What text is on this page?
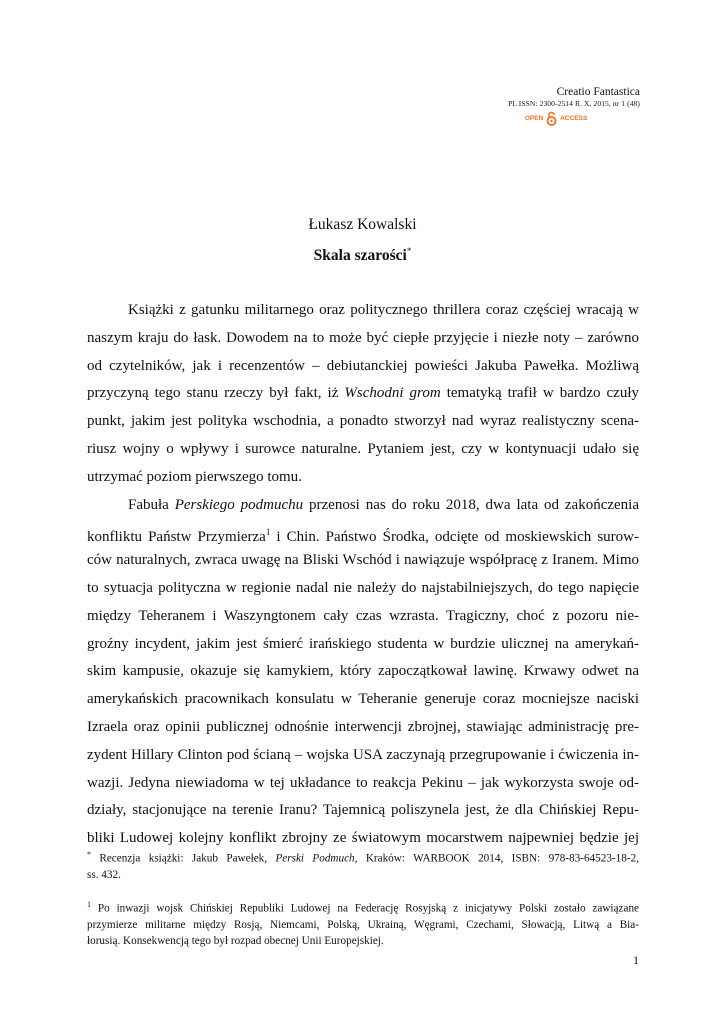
Creatio Fantastica
PL ISSN: 2300-2514 R. X, 2015, nr 1 (48)
OPEN	ACCESS
Łukasz Kowalski
Skala szarości*
Książki z gatunku militarnego oraz politycznego thrillera coraz częściej wracają w
naszym kraju do łask. Dowodem na to może być ciepłe przyjęcie i niezłe noty – zarówno
od czytelników, jak i recenzentów – debiutanckiej powieści Jakuba Pawełka. Możliwą
przyczyną tego stanu rzeczy był fakt, iż Wschodni grom tematyką trafił w bardzo czuły
punkt, jakim jest polityka wschodnia, a ponadto stworzył nad wyraz realistyczny scena-
riusz wojny o wpływy i surowce naturalne. Pytaniem jest, czy w kontynuacji udało się
utrzymać poziom pierwszego tomu.
Fabuła Perskiego podmuchu przenosi nas do roku 2018, dwa lata od zakończenia
konfliktu Państw Przymierza$^1$ i Chin. Państwo Środka, odcięte od moskiewskich surow-
ców naturalnych, zwraca uwagę na Bliski Wschód i nawiązuje współpracę z Iranem. Mimo
to sytuacja polityczna w regionie nadal nie należy do najstabilniejszych, do tego napięcie
między Teheranem i Waszyngtonem cały czas wzrasta. Tragiczny, choć z pozoru nie-
groźny incydent, jakim jest śmierć irańskiego studenta w burdzie ulicznej na amerykań-
skim kampusie, okazuje się kamykiem, który zapoczątkował lawinę. Krwawy odwet na
amerykańskich pracownikach konsulatu w Teheranie generuje coraz mocniejsze naciski
Izraela oraz opinii publicznej odnośnie interwencji zbrojnej, stawiając administrację pre-
zydent Hillary Clinton pod ścianą – wojska USA zaczynają przegrupowanie i ćwiczenia in-
wazji. Jedyna niewiadoma w tej układance to reakcja Pekinu – jak wykorzysta swoje od-
działy, stacjonujące na terenie Iranu? Tajemnicą poliszynela jest, że dla Chińskiej Repu-
bliki Ludowej kolejny konflikt zbrojny ze światowym mocarstwem najpewniej będzie jej
* Recenzja książki: Jakub Pawełek, Perski Podmuch, Kraków: WARBOOK 2014, ISBN: 978-83-64523-18-2,
ss. 432.
$^1$ Po inwazji wojsk Chińskiej Republiki Ludowej na Federację Rosyjską z inicjatywy Polski zostało zawiązane
przymierze militarne między Rosją, Niemcami, Polską, Ukrainą, Węgrami, Czechami, Słowacją, Litwą a Bia-
łorusią. Konsekwencją tego był rozpad obecnej Unii Europejskiej.
1
